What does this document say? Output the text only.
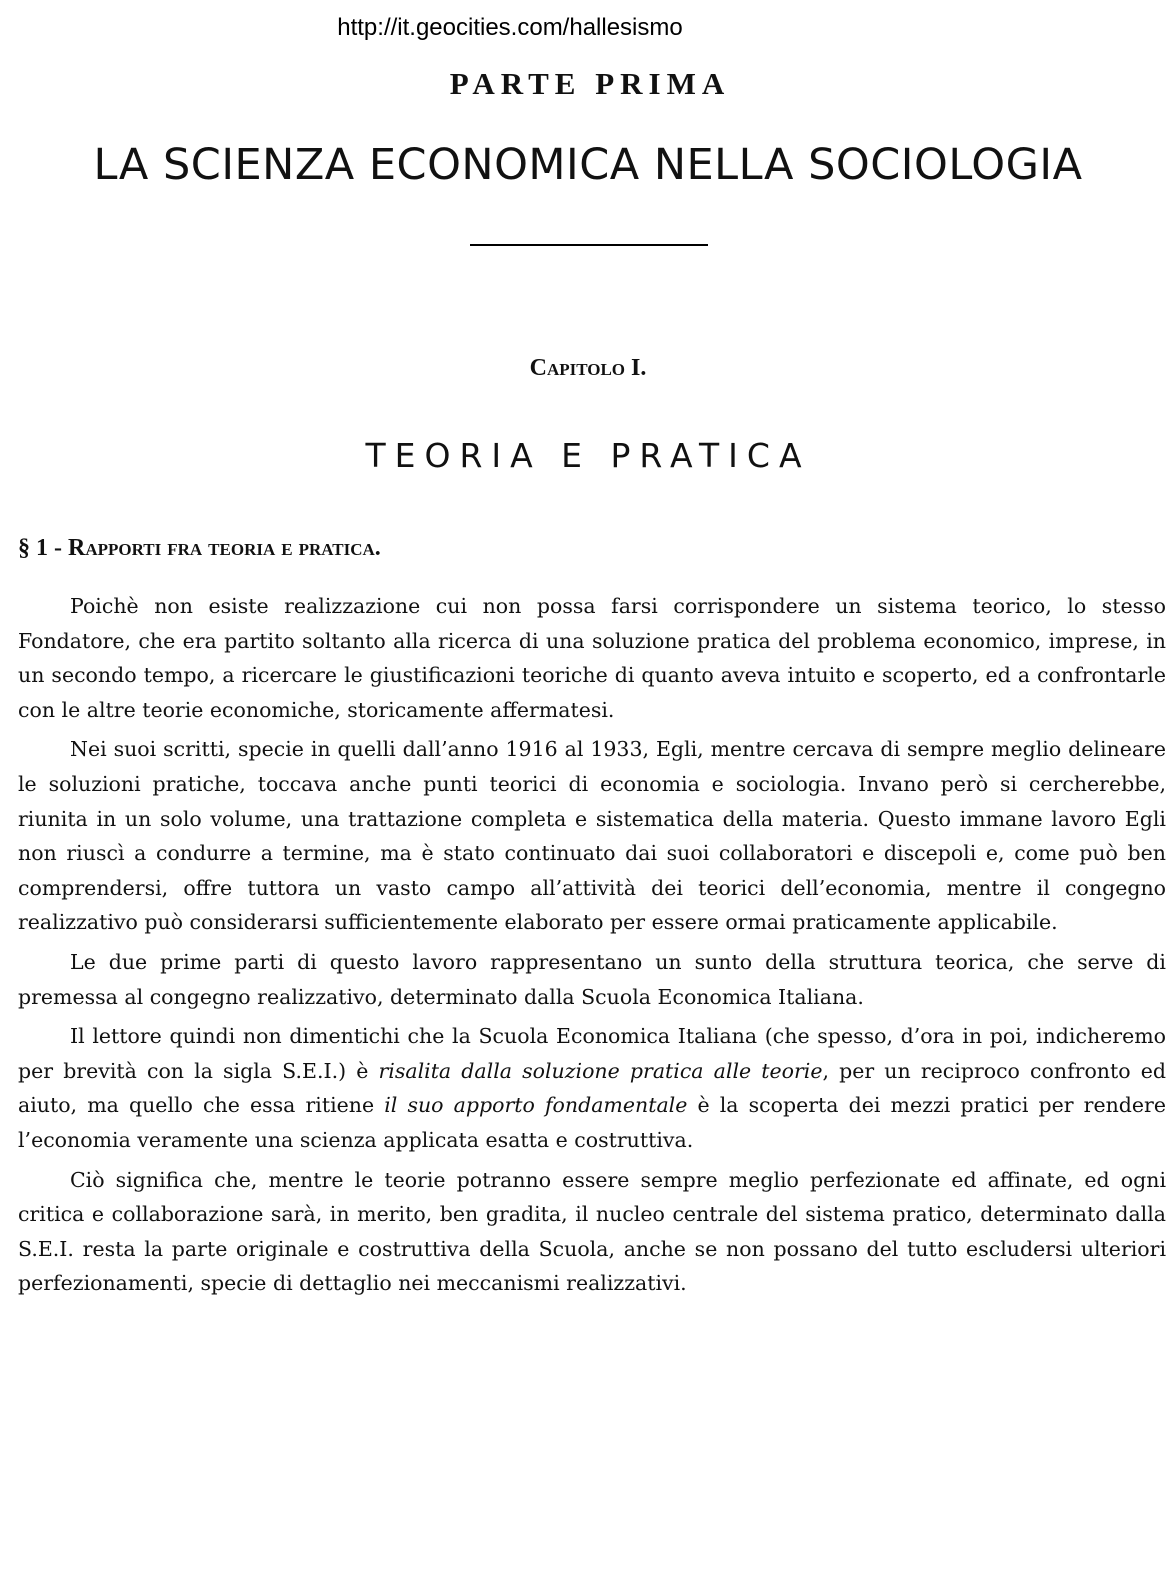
http://it.geocities.com/hallesismo
PARTE PRIMA
LA SCIENZA ECONOMICA NELLA SOCIOLOGIA
Capitolo I.
TEORIA E PRATICA
§ 1 - Rapporti fra teoria e pratica.

Poichè non esiste realizzazione cui non possa farsi corrispondere un sistema teorico, lo stesso Fondatore, che era partito soltanto alla ricerca di una soluzione pratica del problema economico, imprese, in un secondo tempo, a ricercare le giustificazioni teoriche di quanto aveva intuito e scoperto, ed a confrontarle con le altre teorie economiche, storicamente affermatesi.

Nei suoi scritti, specie in quelli dall’anno 1916 al 1933, Egli, mentre cercava di sempre meglio delineare le soluzioni pratiche, toccava anche punti teorici di economia e sociologia. Invano però si cercherebbe, riunita in un solo volume, una trattazione completa e sistematica della materia. Questo immane lavoro Egli non riuscì a condurre a termine, ma è stato continuato dai suoi collaboratori e discepoli e, come può ben comprendersi, offre tuttora un vasto campo all’attività dei teorici dell’economia, mentre il congegno realizzativo può considerarsi sufficientemente elaborato per essere ormai praticamente applicabile.

Le due prime parti di questo lavoro rappresentano un sunto della struttura teorica, che serve di premessa al congegno realizzativo, determinato dalla Scuola Economica Italiana.

Il lettore quindi non dimentichi che la Scuola Economica Italiana (che spesso, d’ora in poi, indicheremo per brevità con la sigla S.E.I.) è risalita dalla soluzione pratica alle teorie, per un reciproco confronto ed aiuto, ma quello che essa ritiene il suo apporto fondamentale è la scoperta dei mezzi pratici per rendere l’economia veramente una scienza applicata esatta e costruttiva.

Ciò significa che, mentre le teorie potranno essere sempre meglio perfezionate ed affinate, ed ogni critica e collaborazione sarà, in merito, ben gradita, il nucleo centrale del sistema pratico, determinato dalla S.E.I. resta la parte originale e costruttiva della Scuola, anche se non possano del tutto escludersi ulteriori perfezionamenti, specie di dettaglio nei meccanismi realizzativi.
